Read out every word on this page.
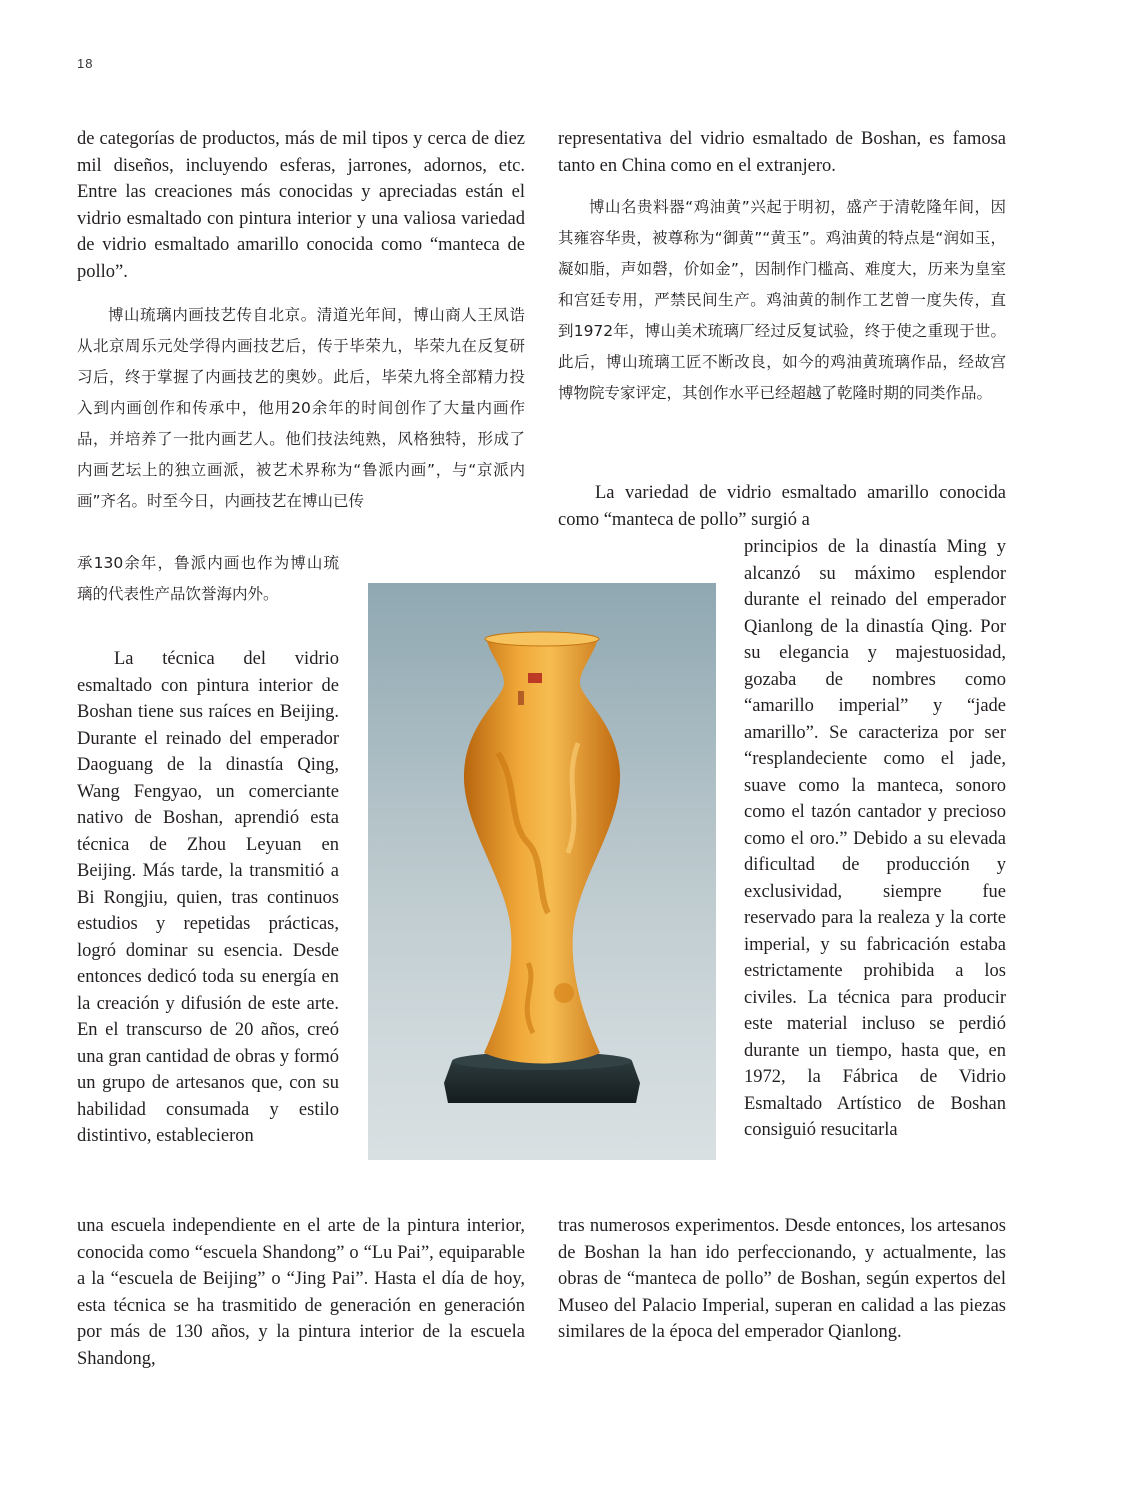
18

de categorías de productos, más de mil tipos y cerca de diez mil diseños, incluyendo esferas, jarrones, adornos, etc. Entre las creaciones más conocidas y apreciadas están el vidrio esmaltado con pintura interior y una valiosa variedad de vidrio esmaltado amarillo conocida como “manteca de pollo”.

博山琉璃内画技艺传自北京。清道光年间，博山商人王凤诰从北京周乐元处学得内画技艺后，传于毕荣九，毕荣九在反复研习后，终于掌握了内画技艺的奥妙。此后，毕荣九将全部精力投入到内画创作和传承中，他用20余年的时间创作了大量内画作品，并培养了一批内画艺人。他们技法纯熟，风格独特，形成了内画艺坛上的独立画派，被艺术界称为“鲁派内画”，与“京派内画”齐名。时至今日，内画技艺在博山已传

承130余年，鲁派内画也作为博山琉璃的代表性产品饮誉海内外。

La técnica del vidrio esmaltado con pintura interior de Boshan tiene sus raíces en Beijing. Durante el reinado del emperador Daoguang de la dinastía Qing, Wang Fengyao, un comerciante nativo de Boshan, aprendió esta técnica de Zhou Leyuan en Beijing. Más tarde, la transmitió a Bi Rongjiu, quien, tras continuos estudios y repetidas prácticas, logró dominar su esencia. Desde entonces dedicó toda su energía en la creación y difusión de este arte. En el transcurso de 20 años, creó una gran cantidad de obras y formó un grupo de artesanos que, con su habilidad consumada y estilo distintivo, establecieron

una escuela independiente en el arte de la pintura interior, conocida como “escuela Shandong” o “Lu Pai”, equiparable a la “escuela de Beijing” o “Jing Pai”. Hasta el día de hoy, esta técnica se ha trasmitido de generación en generación por más de 130 años, y la pintura interior de la escuela Shandong,

representativa del vidrio esmaltado de Boshan, es famosa tanto en China como en el extranjero.

博山名贵料器“鸡油黄”兴起于明初，盛产于清乾隆年间，因其雍容华贵，被尊称为“御黄”“黄玉”。鸡油黄的特点是“润如玉，凝如脂，声如磬，价如金”，因制作门槛高、难度大，历来为皇室和宫廷专用，严禁民间生产。鸡油黄的制作工艺曾一度失传，直到1972年，博山美术琉璃厂经过反复试验，终于使之重现于世。此后，博山琉璃工匠不断改良，如今的鸡油黄琉璃作品，经故宫博物院专家评定，其创作水平已经超越了乾隆时期的同类作品。

La variedad de vidrio esmaltado amarillo conocida como “manteca de pollo” surgió a

principios de la dinastía Ming y alcanzó su máximo esplendor durante el reinado del emperador Qianlong de la dinastía Qing. Por su elegancia y majestuosidad, gozaba de nombres como “amarillo imperial” y “jade amarillo”. Se caracteriza por ser “resplandeciente como el jade, suave como la manteca, sonoro como el tazón cantador y precioso como el oro.” Debido a su elevada dificultad de producción y exclusividad, siempre fue reservado para la realeza y la corte imperial, y su fabricación estaba estrictamente prohibida a los civiles. La técnica para producir este material incluso se perdió durante un tiempo, hasta que, en 1972, la Fábrica de Vidrio Esmaltado Artístico de Boshan consiguió resucitarla

tras numerosos experimentos. Desde entonces, los artesanos de Boshan la han ido perfeccionando, y actualmente, las obras de “manteca de pollo” de Boshan, según expertos del Museo del Palacio Imperial, superan en calidad a las piezas similares de la época del emperador Qianlong.
